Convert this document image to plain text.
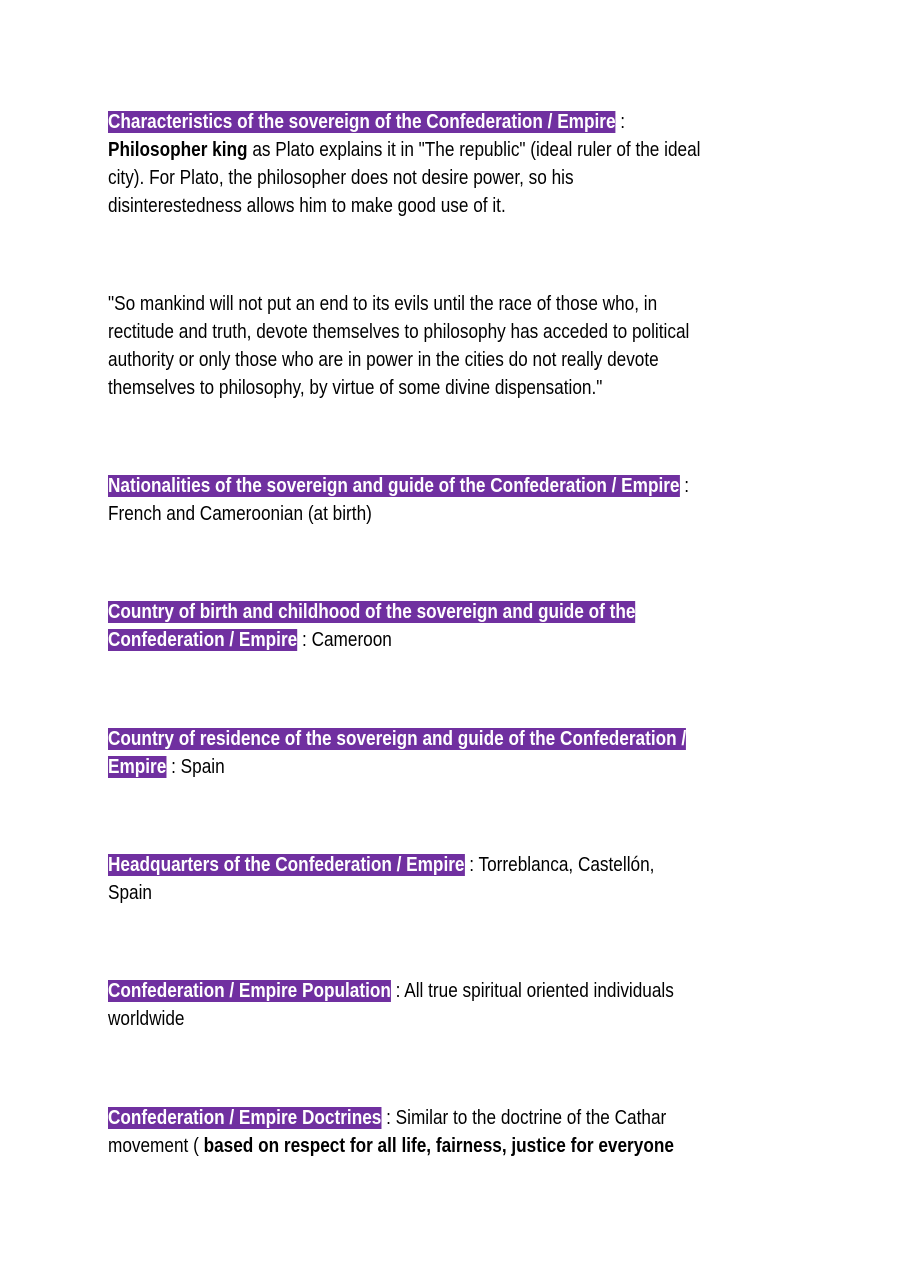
Characteristics of the sovereign of the Confederation / Empire :
Philosopher king as Plato explains it in "The republic" (ideal ruler of the ideal
city). For Plato, the philosopher does not desire power, so his
disinterestedness allows him to make good use of it.
"So mankind will not put an end to its evils until the race of those who, in
rectitude and truth, devote themselves to philosophy has acceded to political
authority or only those who are in power in the cities do not really devote
themselves to philosophy, by virtue of some divine dispensation."
Nationalities of the sovereign and guide of the Confederation / Empire :
French and Cameroonian (at birth)
Country of birth and childhood of the sovereign and guide of the
Confederation / Empire : Cameroon
Country of residence of the sovereign and guide of the Confederation /
Empire : Spain
Headquarters of the Confederation / Empire : Torreblanca, Castellón,
Spain
Confederation / Empire Population : All true spiritual oriented individuals
worldwide
Confederation / Empire Doctrines : Similar to the doctrine of the Cathar
movement ( based on respect for all life, fairness, justice for everyone
